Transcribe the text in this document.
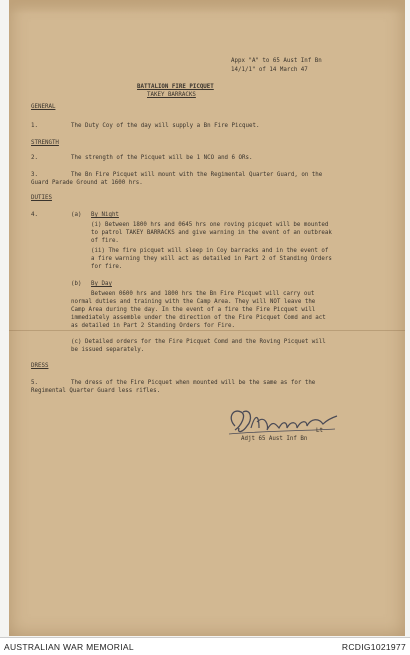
Appx "A" to 65 Aust Inf Bn
14/1/1" of 14 March 47
BATTALION FIRE PICQUET
TAKEY BARRACKS
GENERAL
1.	The Duty Coy of the day will supply a Bn Fire Picquet.
STRENGTH
2.	The strength of the Picquet will be 1 NCO and 6 ORs.
3.	The Bn Fire Picquet will mount with the Regimental Quarter Guard, on the
Guard Parade Ground at 1600 hrs.
DUTIES
4.	(a) By Night
(i) Between 1800 hrs and 0645 hrs one roving picquet will be mounted
to patrol TAKEY BARRACKS and give warning in the event of an outbreak
of fire.
(ii) The fire picquet will sleep in Coy barracks and in the event of
a fire warning they will act as detailed in Part 2 of Standing Orders
for fire.
(b) By Day
Between 0600 hrs and 1800 hrs the Bn Fire Picquet will carry out
normal duties and training with the Camp Area. They will NOT leave the
Camp Area during the day. In the event of a fire the Fire Picquet will
immediately assemble under the direction of the Fire Picquet Comd and act
as detailed in Part 2 Standing Orders for Fire.
(c) Detailed orders for the Fire Picquet Comd and the Roving Picquet will
be issued separately.
DRESS
5.	The dress of the Fire Picquet when mounted will be the same as for the
Regimental Quarter Guard less rifles.
Lt
Adjt 65 Aust Inf Bn
AUSTRALIAN WAR MEMORIAL	RCDIG1021977
